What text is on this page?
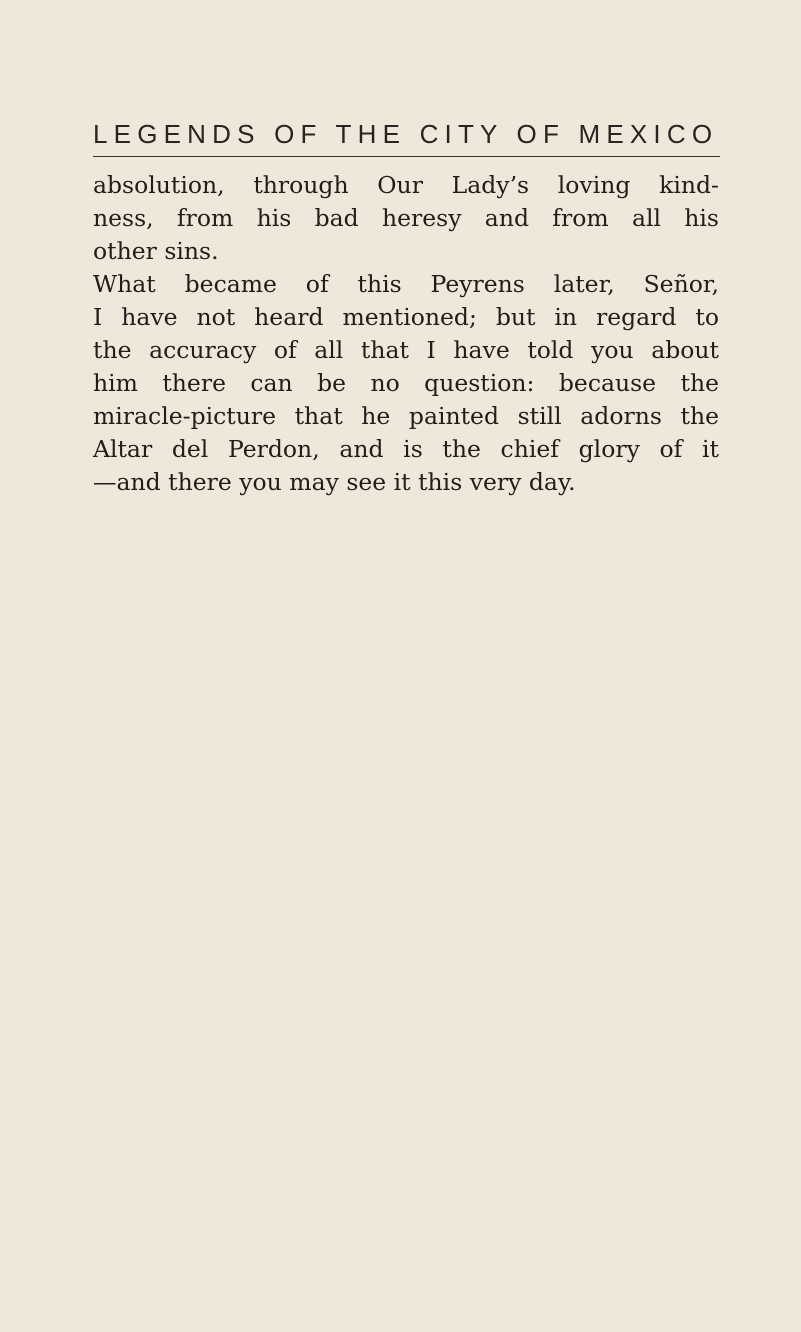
LEGENDS OF THE CITY OF MEXICO
absolution, through Our Lady’s loving kind-
ness, from his bad heresy and from all his
other sins.
What became of this Peyrens later, Señor,
I have not heard mentioned; but in regard to
the accuracy of all that I have told you about
him there can be no question: because the
miracle-picture that he painted still adorns the
Altar del Perdon, and is the chief glory of it
—and there you may see it this very day.
